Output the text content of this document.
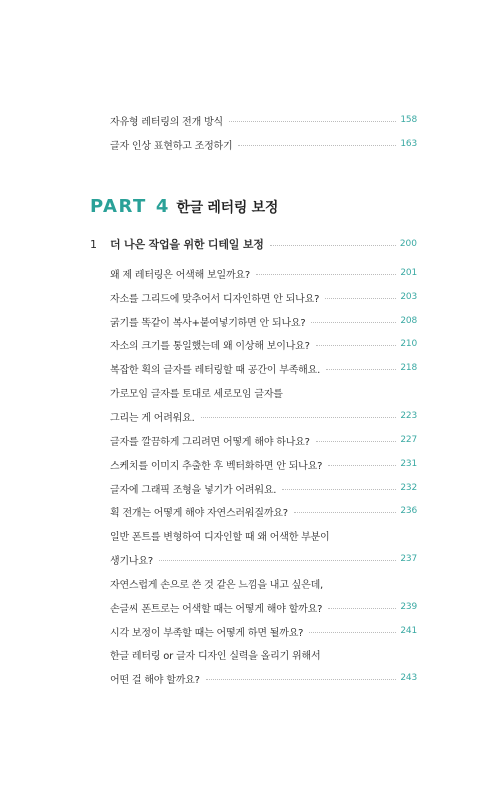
자유형 레터링의 전개 방식	158
글자 인상 표현하고 조정하기	163
PART 4 한글 레터링 보정
1	더 나은 작업을 위한 디테일 보정	200
왜 제 레터링은 어색해 보일까요?	201
자소를 그리드에 맞추어서 디자인하면 안 되나요?	203
굵기를 똑같이 복사+붙여넣기하면 안 되나요?	208
자소의 크기를 통일했는데 왜 이상해 보이나요?	210
복잡한 획의 글자를 레터링할 때 공간이 부족해요.	218
가로모임 글자를 토대로 세로모임 글자를
그리는 게 어려워요.	223
글자를 깔끔하게 그리려면 어떻게 해야 하나요?	227
스케치를 이미지 추출한 후 벡터화하면 안 되나요?	231
글자에 그래픽 조형을 넣기가 어려워요.	232
획 전개는 어떻게 해야 자연스러워질까요?	236
일반 폰트를 변형하여 디자인할 때 왜 어색한 부분이
생기나요?	237
자연스럽게 손으로 쓴 것 같은 느낌을 내고 싶은데,
손글씨 폰트로는 어색할 때는 어떻게 해야 할까요?	239
시각 보정이 부족할 때는 어떻게 하면 될까요?	241
한글 레터링 or 글자 디자인 실력을 올리기 위해서
어떤 걸 해야 할까요?	243
